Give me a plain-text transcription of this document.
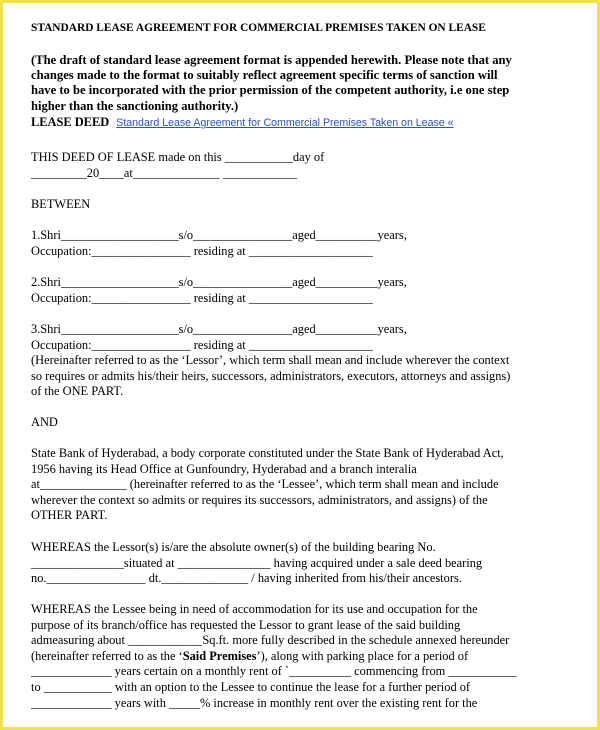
STANDARD LEASE AGREEMENT FOR COMMERCIAL PREMISES TAKEN ON LEASE

(The draft of standard lease agreement format is appended herewith. Please note that any
changes made to the format to suitably reflect agreement specific terms of sanction will
have to be incorporated with the prior permission of the competent authority, i.e one step
higher than the sanctioning authority.)
LEASE DEED Standard Lease Agreement for Commercial Premises Taken on Lease «
THIS DEED OF LEASE made on this ___________day of
_________20____at______________ ____________
BETWEEN
1.Shri___________________s/o________________aged__________years,
Occupation:________________ residing at ____________________
2.Shri___________________s/o________________aged__________years,
Occupation:________________ residing at ____________________
3.Shri___________________s/o________________aged__________years,
Occupation:________________ residing at ____________________
(Hereinafter referred to as the ‘Lessor’, which term shall mean and include wherever the context
so requires or admits his/their heirs, successors, administrators, executors, attorneys and assigns)
of the ONE PART.
AND
State Bank of Hyderabad, a body corporate constituted under the State Bank of Hyderabad Act,
1956 having its Head Office at Gunfoundry, Hyderabad and a branch interalia
at______________ (hereinafter referred to as the ‘Lessee’, which term shall mean and include
wherever the context so admits or requires its successors, administrators, and assigns) of the
OTHER PART.
WHEREAS the Lessor(s) is/are the absolute owner(s) of the building bearing No.
_______________situated at _______________ having acquired under a sale deed bearing
no.________________ dt.______________ / having inherited from his/their ancestors.
WHEREAS the Lessee being in need of accommodation for its use and occupation for the
purpose of its branch/office has requested the Lessor to grant lease of the said building
admeasuring about ____________Sq.ft. more fully described in the schedule annexed hereunder
(hereinafter referred to as the ‘Said Premises’), along with parking place for a period of
_____________ years certain on a monthly rent of `__________ commencing from ___________
to ___________ with an option to the Lessee to continue the lease for a further period of
_____________ years with _____% increase in monthly rent over the existing rent for the
